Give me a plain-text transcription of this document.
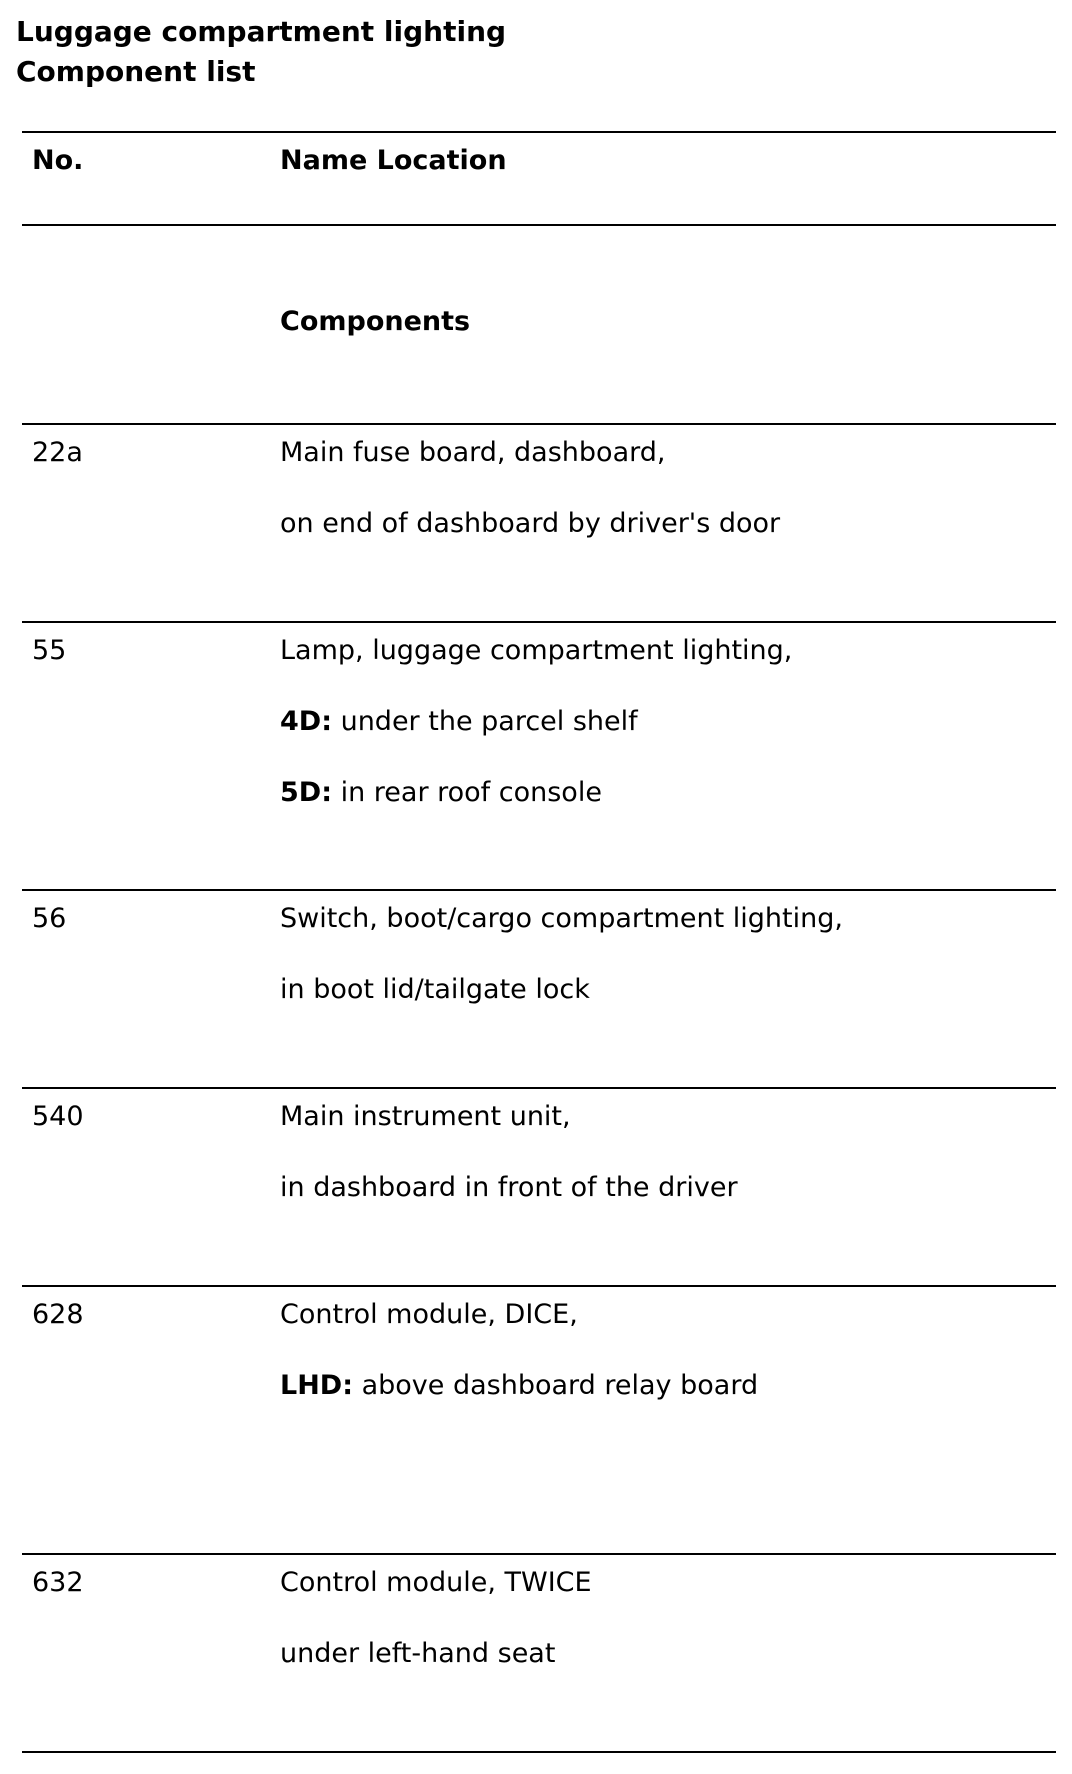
Luggage compartment lighting
Component list
No.	Name Location
Components
22a	Main fuse board, dashboard,
on end of dashboard by driver's door
55	Lamp, luggage compartment lighting,
4D: under the parcel shelf
5D: in rear roof console
56	Switch, boot/cargo compartment lighting,
in boot lid/tailgate lock
540	Main instrument unit,
in dashboard in front of the driver
628	Control module, DICE,
LHD: above dashboard relay board
632	Control module, TWICE
under left-hand seat
